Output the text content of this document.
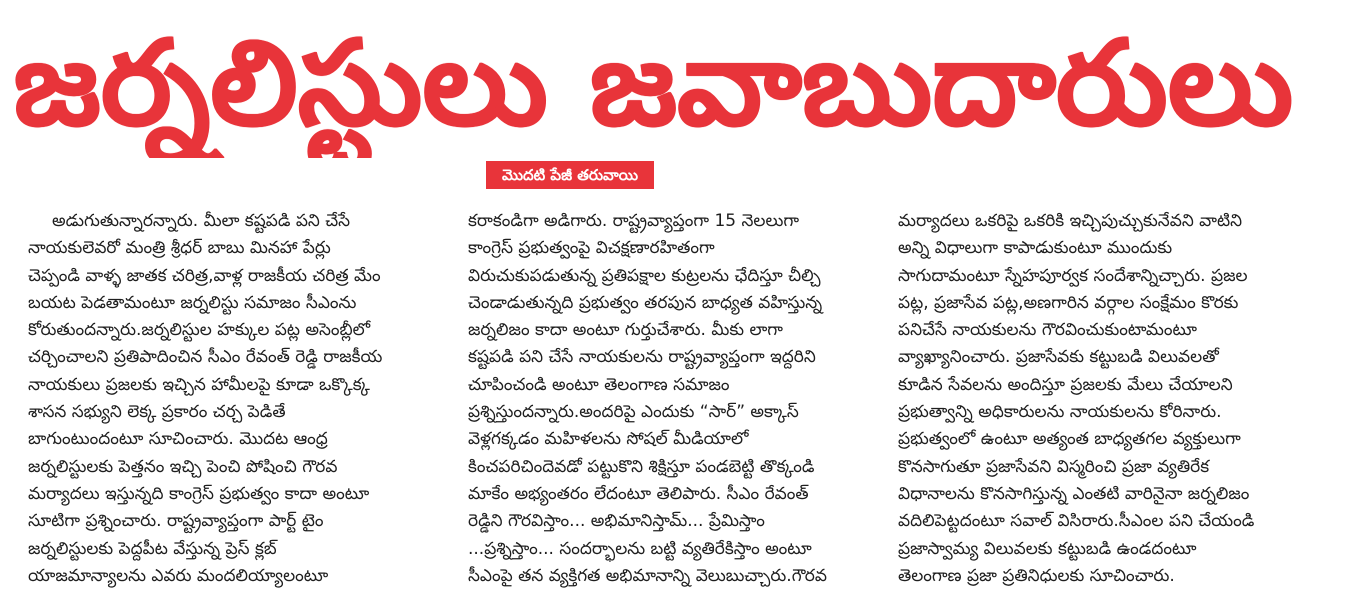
జర్నలిస్టులు జవాబుదారులు
మొదటి పేజీ తరువాయి
అడుగుతున్నారన్నారు. మీలా కష్టపడి పని చేసే
నాయకులెవరో మంత్రి శ్రీధర్ బాబు మినహా పేర్లు
చెప్పండి వాళ్ళ జాతక చరిత్ర,వాళ్ల రాజకీయ చరిత్ర మేం
బయట పెడతామంటూ జర్నలిస్టు సమాజం సీఎంను
కోరుతుందన్నారు.జర్నలిస్టుల హక్కుల పట్ల అసెంబ్లీలో
చర్చించాలని ప్రతిపాదించిన సీఎం రేవంత్ రెడ్డి రాజకీయ
నాయకులు ప్రజలకు ఇచ్చిన హామీలపై కూడా ఒక్కొక్క
శాసన సభ్యుని లెక్క ప్రకారం చర్చ పెడితే
బాగుంటుందంటూ సూచించారు. మొదట ఆంధ్ర
జర్నలిస్టులకు పెత్తనం ఇచ్చి పెంచి పోషించి గౌరవ
మర్యాదలు ఇస్తున్నది కాంగ్రెస్ ప్రభుత్వం కాదా అంటూ
సూటిగా ప్రశ్నించారు. రాష్ట్రవ్యాప్తంగా పార్ట్ టైం
జర్నలిస్టులకు పెద్దపీట వేస్తున్న ప్రెస్ క్లబ్
యాజమాన్యాలను ఎవరు మందలియ్యాలంటూ
కరాకండిగా అడిగారు. రాష్ట్రవ్యాప్తంగా 15 నెలలుగా
కాంగ్రెస్ ప్రభుత్వంపై విచక్షణారహితంగా
విరుచుకుపడుతున్న ప్రతిపక్షాల కుట్రలను ఛేదిస్తూ చీల్చి
చెండాడుతున్నది ప్రభుత్వం తరపున బాధ్యత వహిస్తున్న
జర్నలిజం కాదా అంటూ గుర్తుచేశారు. మీకు లాగా
కష్టపడి పని చేసే నాయకులను రాష్ట్రవ్యాప్తంగా ఇద్దరిని
చూపించండి అంటూ తెలంగాణ సమాజం
ప్రశ్నిస్తుందన్నారు.అందరిపై ఎందుకు “సార్” అక్కాస్
వెళ్లగక్కడం మహిళలను సోషల్ మీడియాలో
కించపరిచిందెవడో పట్టుకొని శిక్షిస్తూ పండబెట్టి తొక్కండి
మాకేం అభ్యంతరం లేదంటూ తెలిపారు. సీఎం రేవంత్
రెడ్డిని గౌరవిస్తాం... అభిమానిస్తామ్... ప్రేమిస్తాం
...ప్రశ్నిస్తాం... సందర్భాలను బట్టి వ్యతిరేకిస్తాం అంటూ
సీఎంపై తన వ్యక్తిగత అభిమానాన్ని వెలుబుచ్చారు.గౌరవ
మర్యాదలు ఒకరిపై ఒకరికి ఇచ్చిపుచ్చుకునేవని వాటిని
అన్ని విధాలుగా కాపాడుకుంటూ ముందుకు
సాగుదామంటూ స్నేహపూర్వక సందేశాన్నిచ్చారు. ప్రజల
పట్ల, ప్రజాసేవ పట్ల,అణగారిన వర్గాల సంక్షేమం కొరకు
పనిచేసే నాయకులను గౌరవించుకుంటామంటూ
వ్యాఖ్యానించారు. ప్రజాసేవకు కట్టుబడి విలువలతో
కూడిన సేవలను అందిస్తూ ప్రజలకు మేలు చేయాలని
ప్రభుత్వాన్ని అధికారులను నాయకులను కోరినారు.
ప్రభుత్వంలో ఉంటూ అత్యంత బాధ్యతగల వ్యక్తులుగా
కొనసాగుతూ ప్రజాసేవని విస్మరించి ప్రజా వ్యతిరేక
విధానాలను కొనసాగిస్తున్న ఎంతటి వారినైనా జర్నలిజం
వదిలిపెట్టదంటూ సవాల్ విసిరారు.సీఎంల పని చేయండి
ప్రజాస్వామ్య విలువలకు కట్టుబడి ఉండదంటూ
తెలంగాణ ప్రజా ప్రతినిధులకు సూచించారు.
